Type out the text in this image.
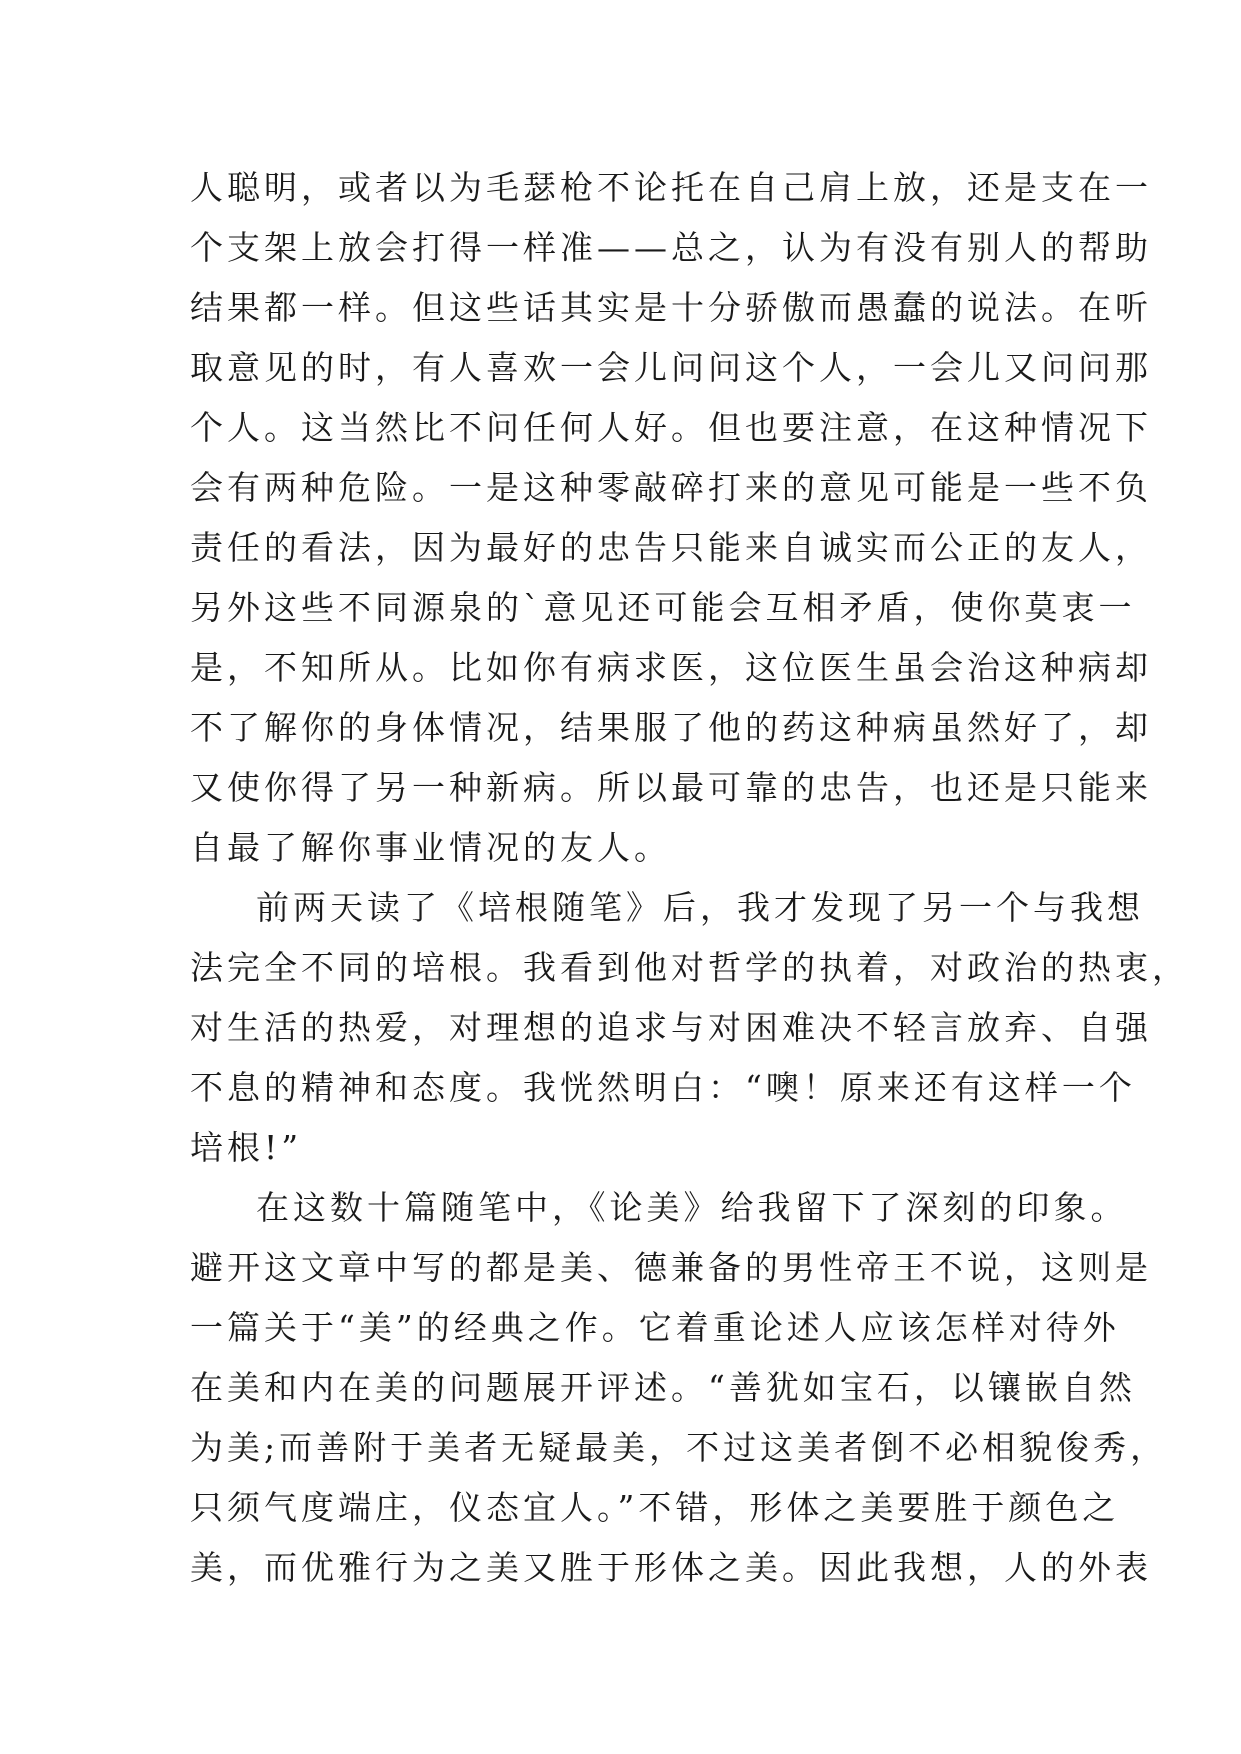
人聪明，或者以为毛瑟枪不论托在自己肩上放，还是支在一
个支架上放会打得一样准——总之，认为有没有别人的帮助
结果都一样。但这些话其实是十分骄傲而愚蠢的说法。在听
取意见的时，有人喜欢一会儿问问这个人，一会儿又问问那
个人。这当然比不问任何人好。但也要注意，在这种情况下
会有两种危险。一是这种零敲碎打来的意见可能是一些不负
责任的看法，因为最好的忠告只能来自诚实而公正的友人，
另外这些不同源泉的`意见还可能会互相矛盾，使你莫衷一
是，不知所从。比如你有病求医，这位医生虽会治这种病却
不了解你的身体情况，结果服了他的药这种病虽然好了，却
又使你得了另一种新病。所以最可靠的忠告，也还是只能来
自最了解你事业情况的友人。
前两天读了《培根随笔》后，我才发现了另一个与我想
法完全不同的培根。我看到他对哲学的执着，对政治的热衷，
对生活的热爱，对理想的追求与对困难决不轻言放弃、自强
不息的精神和态度。我恍然明白：“噢！原来还有这样一个
培根!”
在这数十篇随笔中，《论美》给我留下了深刻的印象。
避开这文章中写的都是美、德兼备的男性帝王不说，这则是
一篇关于“美”的经典之作。它着重论述人应该怎样对待外
在美和内在美的问题展开评述。“善犹如宝石，以镶嵌自然
为美;而善附于美者无疑最美，不过这美者倒不必相貌俊秀，
只须气度端庄，仪态宜人。”不错，形体之美要胜于颜色之
美，而优雅行为之美又胜于形体之美。因此我想，人的外表
